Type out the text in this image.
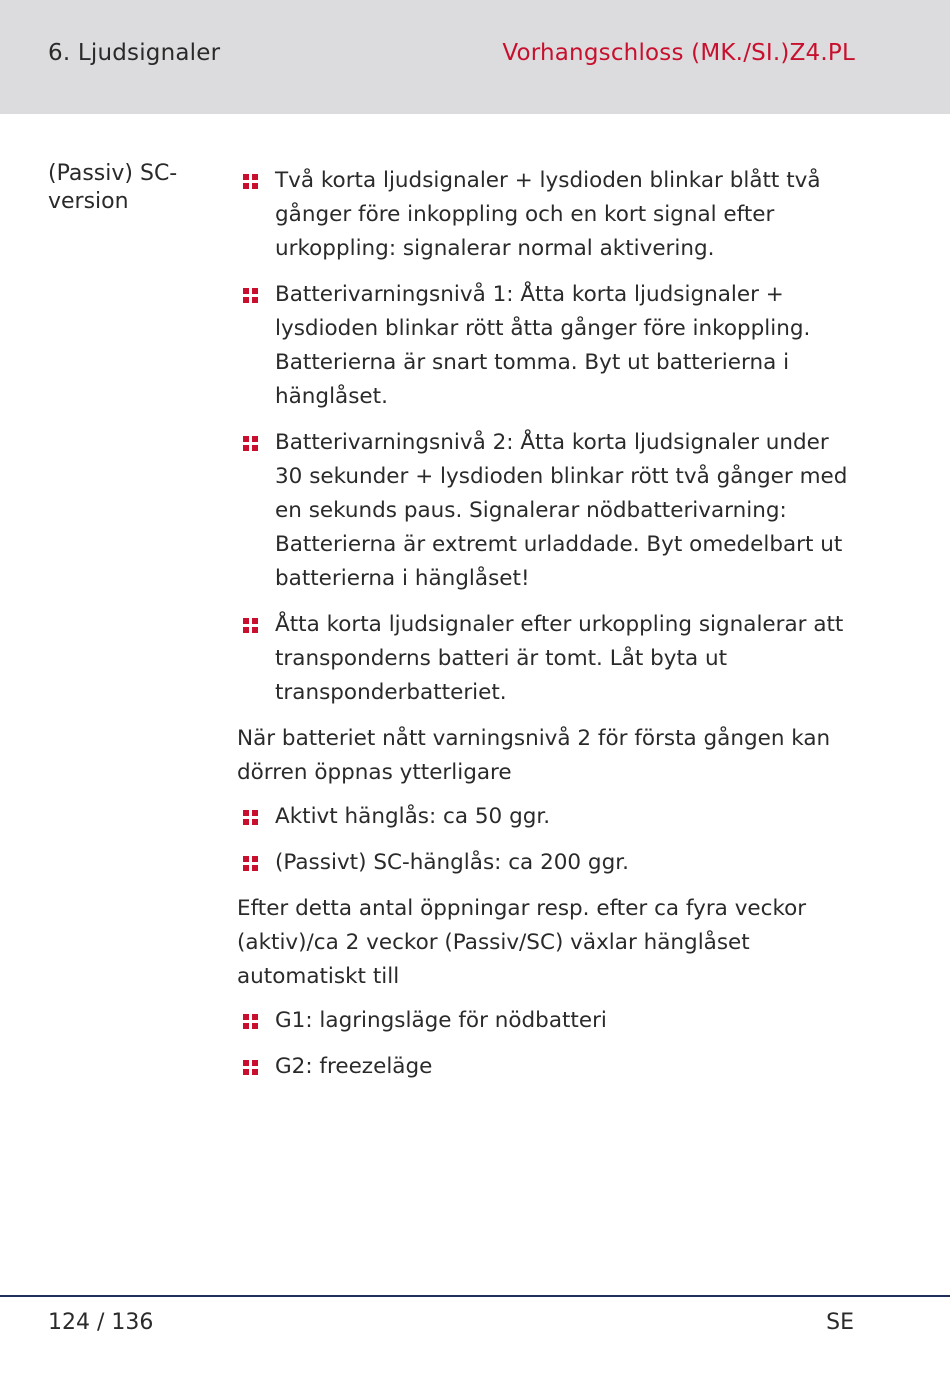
6. Ljudsignaler	Vorhangschloss (MK./SI.)Z4.PL
(Passiv) SC-version
Två korta ljudsignaler + lysdioden blinkar blått två gånger före inkoppling och en kort signal efter urkoppling: signalerar normal aktivering.
Batterivarningsnivå 1: Åtta korta ljudsignaler + lysdioden blinkar rött åtta gånger före inkoppling. Batterierna är snart tomma. Byt ut batterierna i hänglåset.
Batterivarningsnivå 2: Åtta korta ljudsignaler under 30 sekunder + lysdioden blinkar rött två gånger med en sekunds paus. Signalerar nödbatterivarning: Batterierna är extremt urladdade. Byt omedelbart ut batterierna i hänglåset!
Åtta korta ljudsignaler efter urkoppling signalerar att transponderns batteri är tomt. Låt byta ut transponderbatteriet.
När batteriet nått varningsnivå 2 för första gången kan dörren öppnas ytterligare
Aktivt hänglås: ca 50 ggr.
(Passivt) SC-hänglås: ca 200 ggr.
Efter detta antal öppningar resp. efter ca fyra veckor (aktiv)/ca 2 veckor (Passiv/SC) växlar hänglåset automatiskt till
G1: lagringsläge för nödbatteri
G2: freezeläge
124 / 136	SE
